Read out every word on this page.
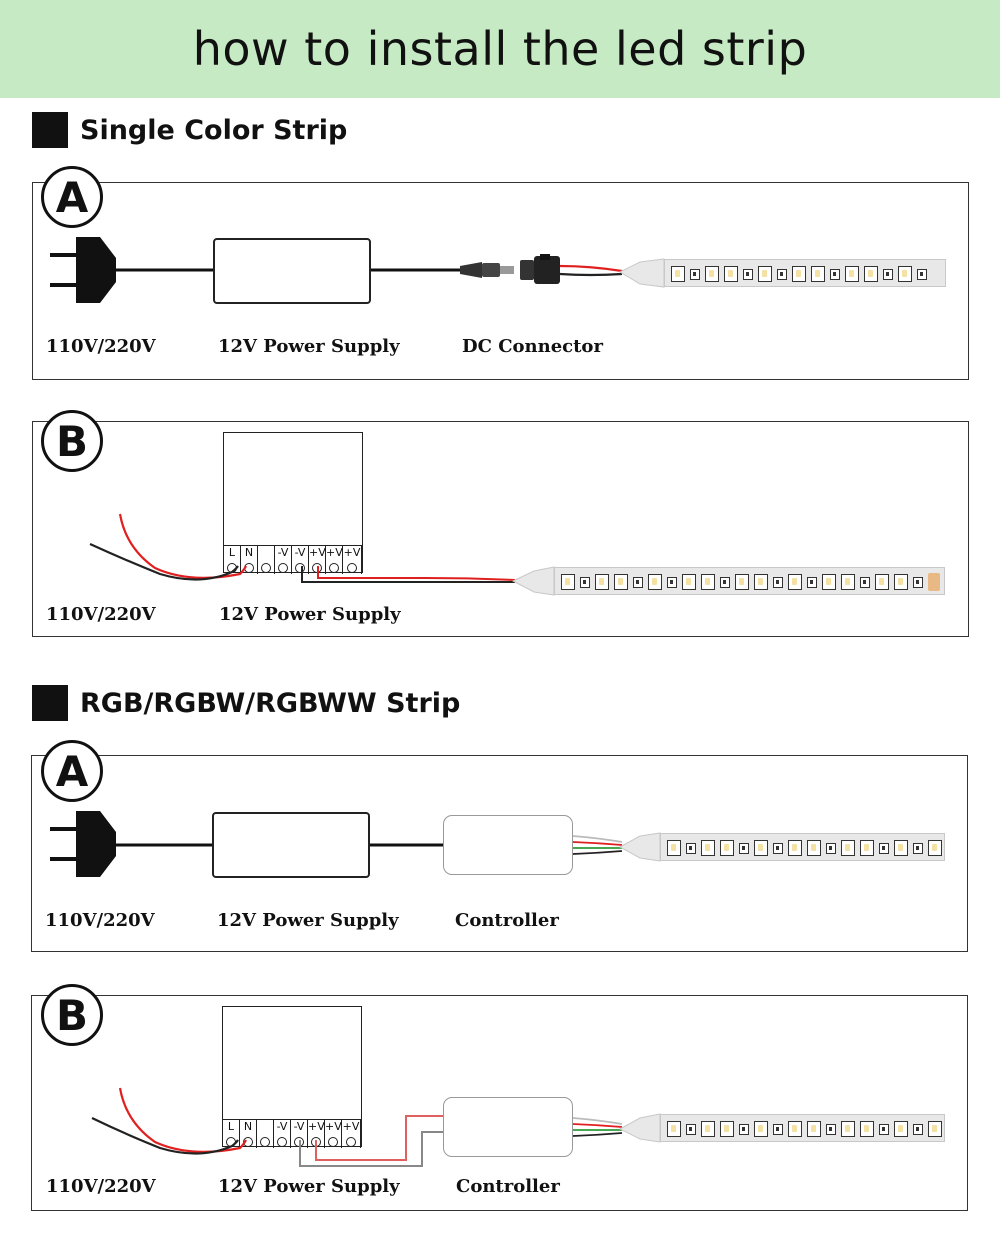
how to install the led strip
Single Color Strip
A
110V/220V	12V Power Supply	DC Connector
B
L N	-V -V +V +V +V
110V/220V	12V Power Supply
RGB/RGBW/RGBWW Strip
A
110V/220V	12V Power Supply	Controller
B
L N	-V -V +V +V +V
110V/220V	12V Power Supply	Controller
